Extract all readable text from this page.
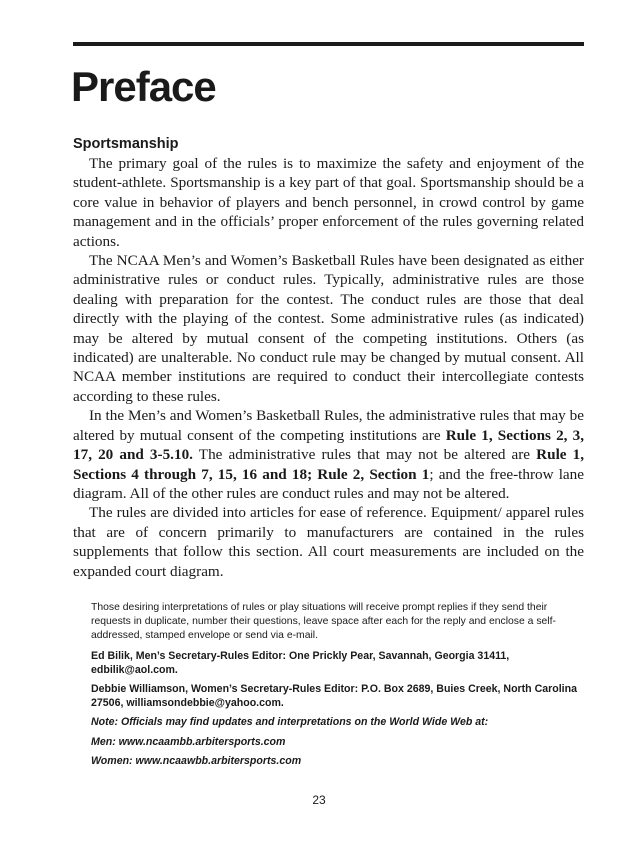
Preface
Sportsmanship

The primary goal of the rules is to maximize the safety and enjoyment of the student-athlete. Sportsmanship is a key part of that goal. Sportsmanship should be a core value in behavior of players and bench personnel, in crowd control by game management and in the officials’ proper enforcement of the rules governing related actions.

The NCAA Men’s and Women’s Basketball Rules have been designated as either administrative rules or conduct rules. Typically, administrative rules are those dealing with preparation for the contest. The conduct rules are those that deal directly with the playing of the contest. Some administrative rules (as indicated) may be altered by mutual consent of the competing institutions. Others (as indicated) are unalterable. No conduct rule may be changed by mutual consent. All NCAA member institutions are required to conduct their intercollegiate contests according to these rules.

In the Men’s and Women’s Basketball Rules, the administrative rules that may be altered by mutual consent of the competing institutions are Rule 1, Sections 2, 3, 17, 20 and 3-5.10. The administrative rules that may not be altered are Rule 1, Sections 4 through 7, 15, 16 and 18; Rule 2, Section 1; and the free-throw lane diagram. All of the other rules are conduct rules and may not be altered.

The rules are divided into articles for ease of reference. Equipment/ apparel rules that are of concern primarily to manufacturers are contained in the rules supplements that follow this section. All court measurements are included on the expanded court diagram.

Those desiring interpretations of rules or play situations will receive prompt replies if they send their requests in duplicate, number their questions, leave space after each for the reply and enclose a self-addressed, stamped envelope or send via e-mail.

Ed Bilik, Men’s Secretary-Rules Editor: One Prickly Pear, Savannah, Georgia 31411, edbilik@aol.com.

Debbie Williamson, Women’s Secretary-Rules Editor: P.O. Box 2689, Buies Creek, North Carolina 27506, williamsondebbie@yahoo.com.

Note: Officials may find updates and interpretations on the World Wide Web at:

Men: www.ncaambb.arbitersports.com

Women: www.ncaawbb.arbitersports.com

23
